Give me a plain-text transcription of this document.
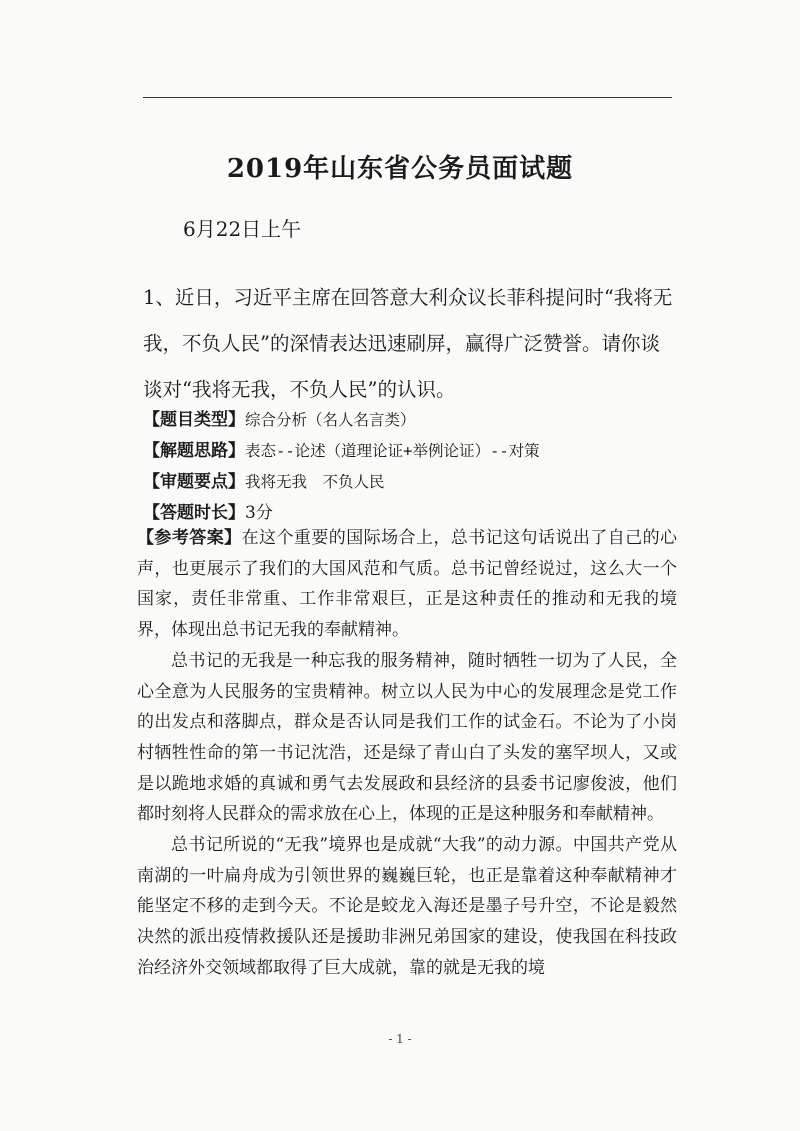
2019年山东省公务员面试题
6月22日上午

1、近日，习近平主席在回答意大利众议长菲科提问时“我将无我，不负人民”的深情表达迅速刷屏，赢得广泛赞誉。请你谈谈对“我将无我，不负人民”的认识。

【题目类型】综合分析（名人名言类）
【解题思路】表态--论述（道理论证+举例论证）--对策
【审题要点】我将无我　不负人民
【答题时长】3分

【参考答案】在这个重要的国际场合上，总书记这句话说出了自己的心声，也更展示了我们的大国风范和气质。总书记曾经说过，这么大一个国家，责任非常重、工作非常艰巨，正是这种责任的推动和无我的境界，体现出总书记无我的奉献精神。

总书记的无我是一种忘我的服务精神，随时牺牲一切为了人民，全心全意为人民服务的宝贵精神。树立以人民为中心的发展理念是党工作的出发点和落脚点，群众是否认同是我们工作的试金石。不论为了小岗村牺牲性命的第一书记沈浩，还是绿了青山白了头发的塞罕坝人，又或是以跪地求婚的真诚和勇气去发展政和县经济的县委书记廖俊波，他们都时刻将人民群众的需求放在心上，体现的正是这种服务和奉献精神。

总书记所说的“无我”境界也是成就“大我”的动力源。中国共产党从南湖的一叶扁舟成为引领世界的巍巍巨轮，也正是靠着这种奉献精神才能坚定不移的走到今天。不论是蛟龙入海还是墨子号升空，不论是毅然决然的派出疫情救援队还是援助非洲兄弟国家的建设，使我国在科技政治经济外交领域都取得了巨大成就，靠的就是无我的境

- 1 -
